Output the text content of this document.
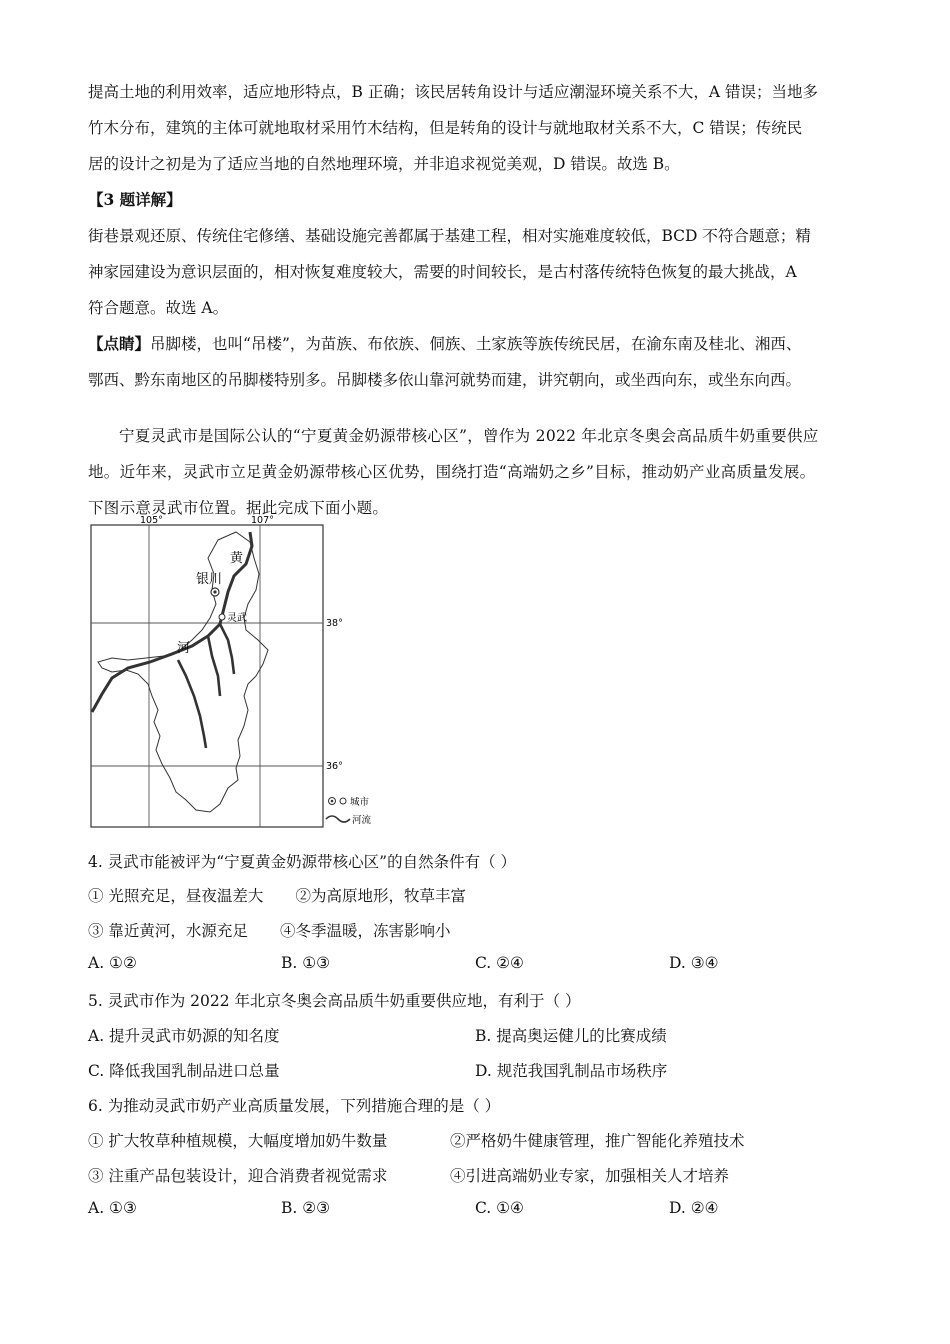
提高土地的利用效率，适应地形特点，B 正确；该民居转角设计与适应潮湿环境关系不大，A 错误；当地多

竹木分布，建筑的主体可就地取材采用竹木结构，但是转角的设计与就地取材关系不大，C 错误；传统民

居的设计之初是为了适应当地的自然地理环境，并非追求视觉美观，D 错误。故选 B。

【3 题详解】

街巷景观还原、传统住宅修缮、基础设施完善都属于基建工程，相对实施难度较低，BCD 不符合题意；精

神家园建设为意识层面的，相对恢复难度较大，需要的时间较长，是古村落传统特色恢复的最大挑战，A

符合题意。故选 A。

【点睛】吊脚楼，也叫“吊楼”，为苗族、布依族、侗族、土家族等族传统民居，在渝东南及桂北、湘西、

鄂西、黔东南地区的吊脚楼特别多。吊脚楼多依山靠河就势而建，讲究朝向，或坐西向东，或坐东向西。

宁夏灵武市是国际公认的“宁夏黄金奶源带核心区”，曾作为 2022 年北京冬奥会高品质牛奶重要供应

地。近年来，灵武市立足黄金奶源带核心区优势，围绕打造“高端奶之乡”目标，推动奶产业高质量发展。

下图示意灵武市位置。据此完成下面小题。

105°	107°
38°
36°
银川
灵武
黄
河
城市
河流
4. 灵武市能被评为“宁夏黄金奶源带核心区”的自然条件有（ ）
① 光照充足，昼夜温差大 ②为高原地形，牧草丰富
③ 靠近黄河，水源充足 ④冬季温暖，冻害影响小
A. ①②	B. ①③	C. ②④	D. ③④
5. 灵武市作为 2022 年北京冬奥会高品质牛奶重要供应地，有利于（ ）
A. 提升灵武市奶源的知名度	B. 提高奥运健儿的比赛成绩
C. 降低我国乳制品进口总量	D. 规范我国乳制品市场秩序
6. 为推动灵武市奶产业高质量发展，下列措施合理的是（ ）
① 扩大牧草种植规模，大幅度增加奶牛数量	②严格奶牛健康管理，推广智能化养殖技术
③ 注重产品包装设计，迎合消费者视觉需求	④引进高端奶业专家，加强相关人才培养
A. ①③	B. ②③	C. ①④	D. ②④
